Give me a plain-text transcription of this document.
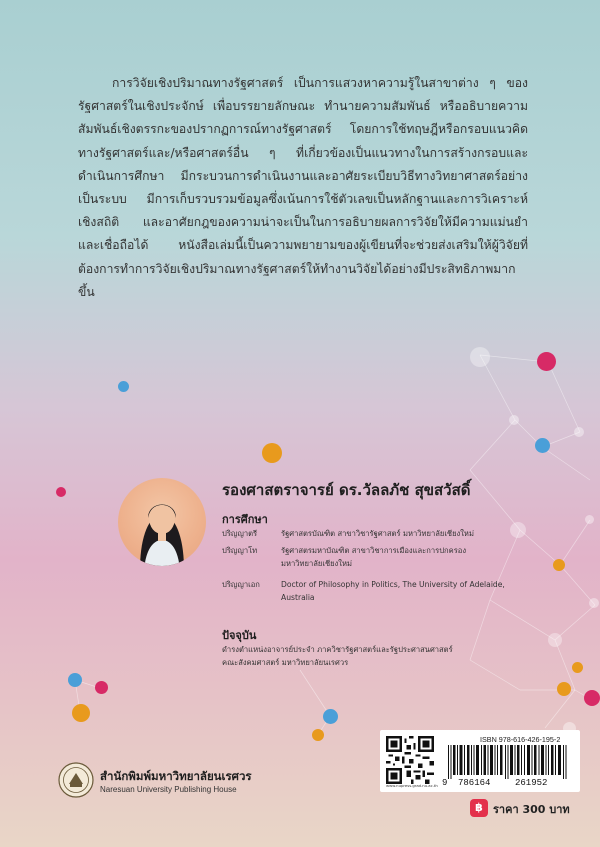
การวิจัยเชิงปริมาณทางรัฐศาสตร์ เป็นการแสวงหาความรู้ในสาขาต่าง ๆ ของรัฐศาสตร์ในเชิงประจักษ์ เพื่อบรรยายลักษณะ ทำนายความสัมพันธ์ หรืออธิบายความสัมพันธ์เชิงตรรกะของปรากฏการณ์ทางรัฐศาสตร์ โดยการใช้ทฤษฎีหรือกรอบแนวคิดทางรัฐศาสตร์และ/หรือศาสตร์อื่น ๆ ที่เกี่ยวข้องเป็นแนวทางในการสร้างกรอบและดำเนินการศึกษา มีกระบวนการดำเนินงานและอาศัยระเบียบวิธีทางวิทยาศาสตร์อย่างเป็นระบบ มีการเก็บรวบรวมข้อมูลซึ่งเน้นการใช้ตัวเลขเป็นหลักฐานและการวิเคราะห์เชิงสถิติ และอาศัยกฎของความน่าจะเป็นในการอธิบายผลการวิจัยให้มีความแม่นยำและเชื่อถือได้ หนังสือเล่มนี้เป็นความพยายามของผู้เขียนที่จะช่วยส่งเสริมให้ผู้วิจัยที่ต้องการทำการวิจัยเชิงปริมาณทางรัฐศาสตร์ให้ทำงานวิจัยได้อย่างมีประสิทธิภาพมากขึ้น

รองศาสตราจารย์ ดร.วัลลภัช สุขสวัสดิ์
การศึกษา
ปริญญาตรี	รัฐศาสตรบัณฑิต สาขาวิชารัฐศาสตร์ มหาวิทยาลัยเชียงใหม่
ปริญญาโท	รัฐศาสตรมหาบัณฑิต สาขาวิชาการเมืองและการปกครอง
มหาวิทยาลัยเชียงใหม่
ปริญญาเอก	Doctor of Philosophy in Politics, The University of Adelaide,
Australia
ปัจจุบัน
ดำรงตำแหน่งอาจารย์ประจำ ภาควิชารัฐศาสตร์และรัฐประศาสนศาสตร์
คณะสังคมศาสตร์ มหาวิทยาลัยนเรศวร
สำนักพิมพ์มหาวิทยาลัยนเรศวร
Naresuan University Publishing House	www.nupress.grad.nu.ac.th
ISBN 978-616-426-195-2
9 786164	261952
฿ ราคา 300 บาท
